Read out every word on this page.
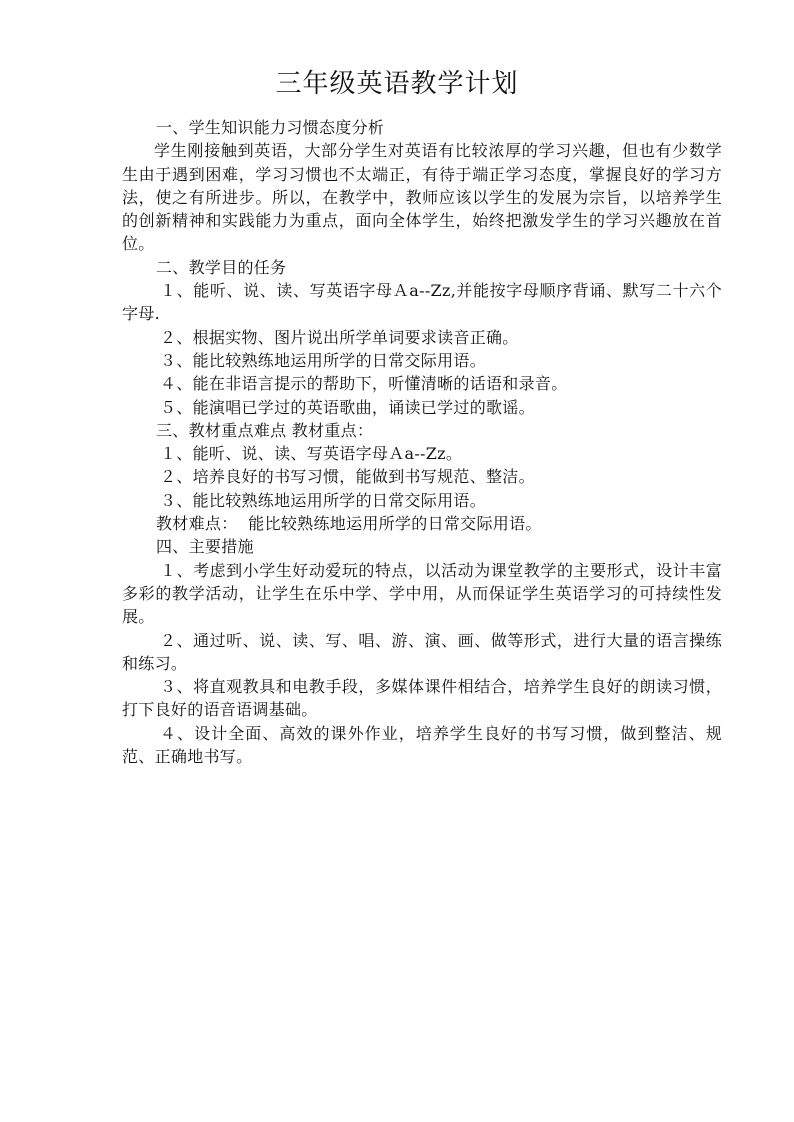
三年级英语教学计划

一、学生知识能力习惯态度分析

学生刚接触到英语，大部分学生对英语有比较浓厚的学习兴趣，但也有少数学生由于遇到困难，学习习惯也不太端正，有待于端正学习态度，掌握良好的学习方法，使之有所进步。所以，在教学中，教师应该以学生的发展为宗旨，以培养学生的创新精神和实践能力为重点，面向全体学生，始终把激发学生的学习兴趣放在首位。

二、教学目的任务

１、能听、说、读、写英语字母Ａa--Zz,并能按字母顺序背诵、默写二十六个字母.

２、根据实物、图片说出所学单词要求读音正确。

３、能比较熟练地运用所学的日常交际用语。

４、能在非语言提示的帮助下，听懂清晰的话语和录音。

５、能演唱已学过的英语歌曲，诵读已学过的歌谣。

三、教材重点难点 教材重点：

１、能听、说、读、写英语字母Ａa--Zz。

２、培养良好的书写习惯，能做到书写规范、整洁。

３、能比较熟练地运用所学的日常交际用语。

教材难点：  能比较熟练地运用所学的日常交际用语。

四、主要措施

１、考虑到小学生好动爱玩的特点，以活动为课堂教学的主要形式，设计丰富多彩的教学活动，让学生在乐中学、学中用，从而保证学生英语学习的可持续性发展。

２、通过听、说、读、写、唱、游、演、画、做等形式，进行大量的语言操练和练习。

３、将直观教具和电教手段，多媒体课件相结合，培养学生良好的朗读习惯，打下良好的语音语调基础。

４、设计全面、高效的课外作业，培养学生良好的书写习惯，做到整洁、规范、正确地书写。
